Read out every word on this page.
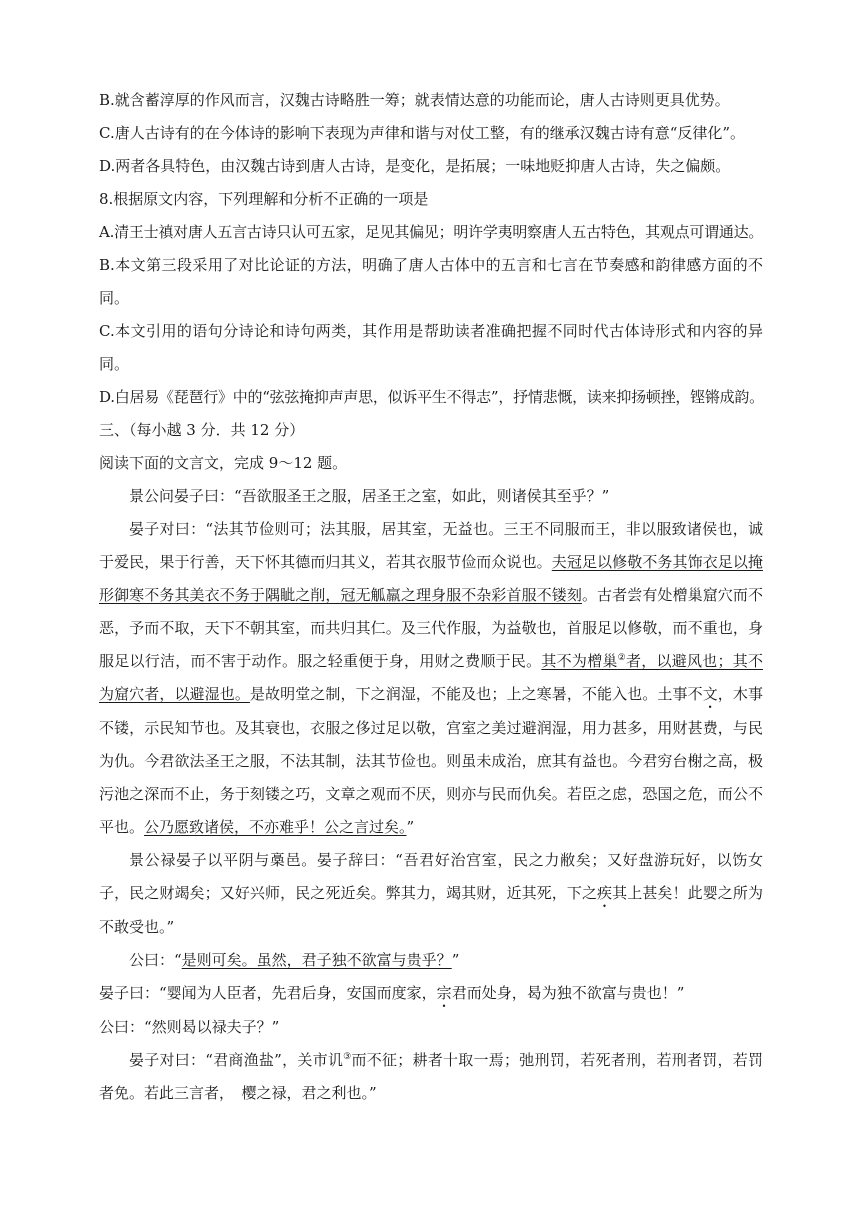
B.就含蓄淳厚的作风而言，汉魏古诗略胜一筹；就表情达意的功能而论，唐人古诗则更具优势。
C.唐人古诗有的在今体诗的影响下表现为声律和谐与对仗工整，有的继承汉魏古诗有意“反律化”。
D.两者各具特色，由汉魏古诗到唐人古诗，是变化，是拓展；一味地贬抑唐人古诗，失之偏颇。
8.根据原文内容，下列理解和分析不正确的一项是
A.清王士禛对唐人五言古诗只认可五家，足见其偏见；明许学夷明察唐人五古特色，其观点可谓通达。
B.本文第三段采用了对比论证的方法，明确了唐人古体中的五言和七言在节奏感和韵律感方面的不同。
C.本文引用的语句分诗论和诗句两类，其作用是帮助读者准确把握不同时代古体诗形式和内容的异同。
D.白居易《琵琶行》中的“弦弦掩抑声声思，似诉平生不得志”，抒情悲慨，读来抑扬顿挫，铿锵成韵。
三、（每小越 3 分．共 12 分）
阅读下面的文言文，完成 9～12 题。
景公问晏子曰：“吾欲服圣王之服，居圣王之室，如此，则诸侯其至乎？”
晏子对曰：“法其节俭则可；法其服，居其室，无益也。三王不同服而王，非以服致诸侯也，诚于爱民，果于行善，天下怀其德而归其义，若其衣服节俭而众说也。夫冠足以修敬不务其饰衣足以掩形御寒不务其美衣不务于隅眦之削，冠无觚羸之理身服不杂彩首服不镂刻。古者尝有处橧巢窟穴而不恶，予而不取，天下不朝其室，而共归其仁。及三代作服，为益敬也，首服足以修敬，而不重也，身服足以行洁，而不害于动作。服之轻重便于身，用财之费顺于民。其不为橧巢②者，以避风也；其不为窟穴者，以避湿也。是故明堂之制，下之润湿，不能及也；上之寒暑，不能入也。土事不文，木事不镂，示民知节也。及其衰也，衣服之侈过足以敬，宫室之美过避润湿，用力甚多，用财甚费，与民为仇。今君欲法圣王之服，不法其制，法其节俭也。则虽未成治，庶其有益也。今君穷台榭之高，极污池之深而不止，务于刻镂之巧，文章之观而不厌，则亦与民而仇矣。若臣之虑，恐国之危，而公不平也。公乃愿致诸侯，不亦难乎！公之言过矣。”
景公禄晏子以平阴与槀邑。晏子辞曰：“吾君好治宫室，民之力敝矣；又好盘游玩好，以饬女子，民之财竭矣；又好兴师，民之死近矣。弊其力，竭其财，近其死，下之疾其上甚矣！此婴之所为不敢受也。”
公曰：“是则可矣。虽然，君子独不欲富与贵乎？”
晏子曰：“婴闻为人臣者，先君后身，安国而度家，宗君而处身，曷为独不欲富与贵也！”
公曰：“然则曷以禄夫子？”
晏子对曰：“君商渔盐”，关市讥③而不征；耕者十取一焉；弛刑罚，若死者刑，若刑者罚，若罚者免。若此三言者，　樱之禄，君之利也。”
